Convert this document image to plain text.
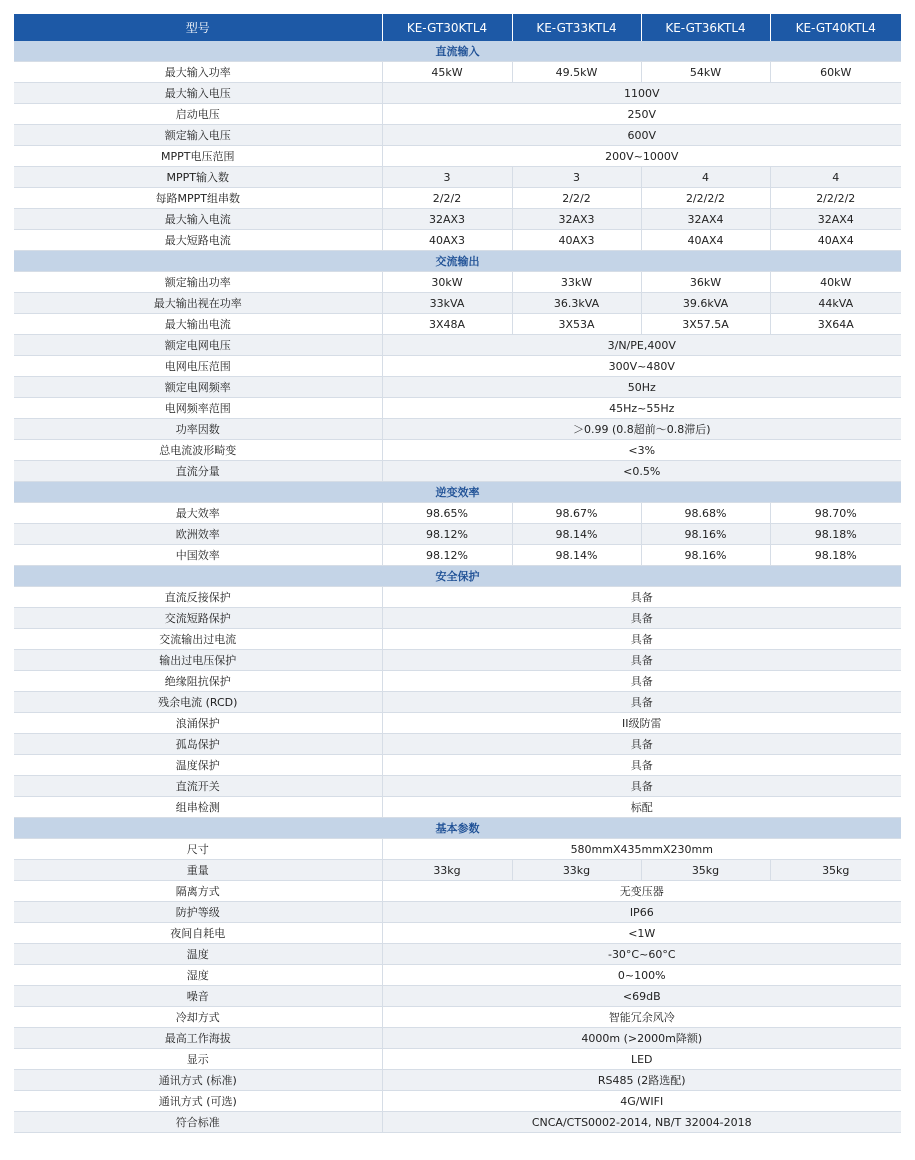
型号	KE-GT30KTL4	KE-GT33KTL4	KE-GT36KTL4	KE-GT40KTL4
直流输入				
最大输入功率	45kW	49.5kW	54kW	60kW
最大输入电压	1100V			
启动电压	250V			
额定输入电压	600V			
MPPT电压范围	200V~1000V			
MPPT输入数	3	3	4	4
每路MPPT组串数	2/2/2	2/2/2	2/2/2/2	2/2/2/2
最大输入电流	32AX3	32AX3	32AX4	32AX4
最大短路电流	40AX3	40AX3	40AX4	40AX4
交流输出				
额定输出功率	30kW	33kW	36kW	40kW
最大输出视在功率	33kVA	36.3kVA	39.6kVA	44kVA
最大输出电流	3X48A	3X53A	3X57.5A	3X64A
额定电网电压	3/N/PE,400V			
电网电压范围	300V~480V			
额定电网频率	50Hz			
电网频率范围	45Hz~55Hz			
功率因数	＞0.99 (0.8超前～0.8滞后)			
总电流波形畸变	<3%			
直流分量	<0.5%			
逆变效率				
最大效率	98.65%	98.67%	98.68%	98.70%
欧洲效率	98.12%	98.14%	98.16%	98.18%
中国效率	98.12%	98.14%	98.16%	98.18%
安全保护				
直流反接保护	具备			
交流短路保护	具备			
交流输出过电流	具备			
输出过电压保护	具备			
绝缘阻抗保护	具备			
残余电流 (RCD)	具备			
浪涌保护	II级防雷			
孤岛保护	具备			
温度保护	具备			
直流开关	具备			
组串检测	标配			
基本参数				
尺寸	580mmX435mmX230mm			
重量	33kg	33kg	35kg	35kg
隔离方式	无变压器			
防护等级	IP66			
夜间自耗电	<1W			
温度	-30°C~60°C			
湿度	0~100%			
噪音	<69dB			
冷却方式	智能冗余风冷			
最高工作海拔	4000m (>2000m降额)			
显示	LED			
通讯方式 (标准)	RS485 (2路选配)			
通讯方式 (可选)	4G/WIFI			
符合标准	CNCA/CTS0002-2014, NB/T 32004-2018			
